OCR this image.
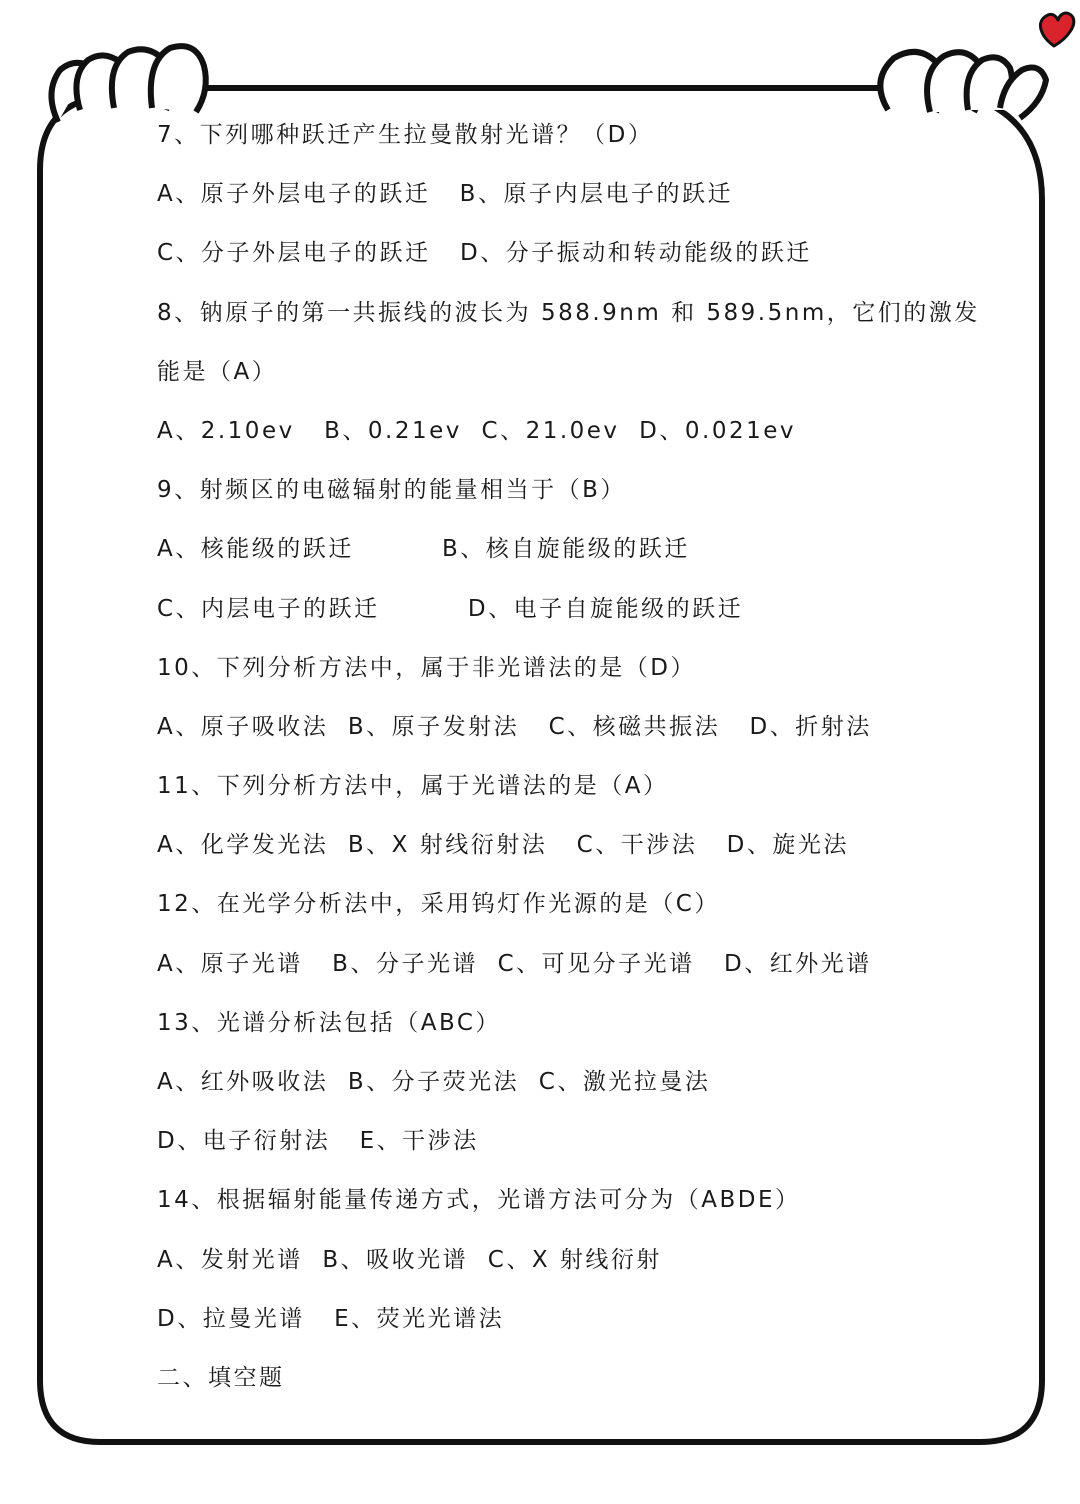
7、下列哪种跃迁产生拉曼散射光谱？（D）
A、原子外层电子的跃迁   B、原子内层电子的跃迁
C、分子外层电子的跃迁   D、分子振动和转动能级的跃迁
8、钠原子的第一共振线的波长为 588.9nm 和 589.5nm，它们的激发
能是（A）
A、2.10ev   B、0.21ev  C、21.0ev  D、0.021ev
9、射频区的电磁辐射的能量相当于（B）
A、核能级的跃迁         B、核自旋能级的跃迁
C、内层电子的跃迁         D、电子自旋能级的跃迁
10、下列分析方法中，属于非光谱法的是（D）
A、原子吸收法  B、原子发射法   C、核磁共振法   D、折射法
11、下列分析方法中，属于光谱法的是（A）
A、化学发光法  B、X 射线衍射法   C、干涉法   D、旋光法
12、在光学分析法中，采用钨灯作光源的是（C）
A、原子光谱   B、分子光谱  C、可见分子光谱   D、红外光谱
13、光谱分析法包括（ABC）
A、红外吸收法  B、分子荧光法  C、激光拉曼法
D、电子衍射法   E、干涉法
14、根据辐射能量传递方式，光谱方法可分为（ABDE）
A、发射光谱  B、吸收光谱  C、X 射线衍射
D、拉曼光谱   E、荧光光谱法
二、填空题
